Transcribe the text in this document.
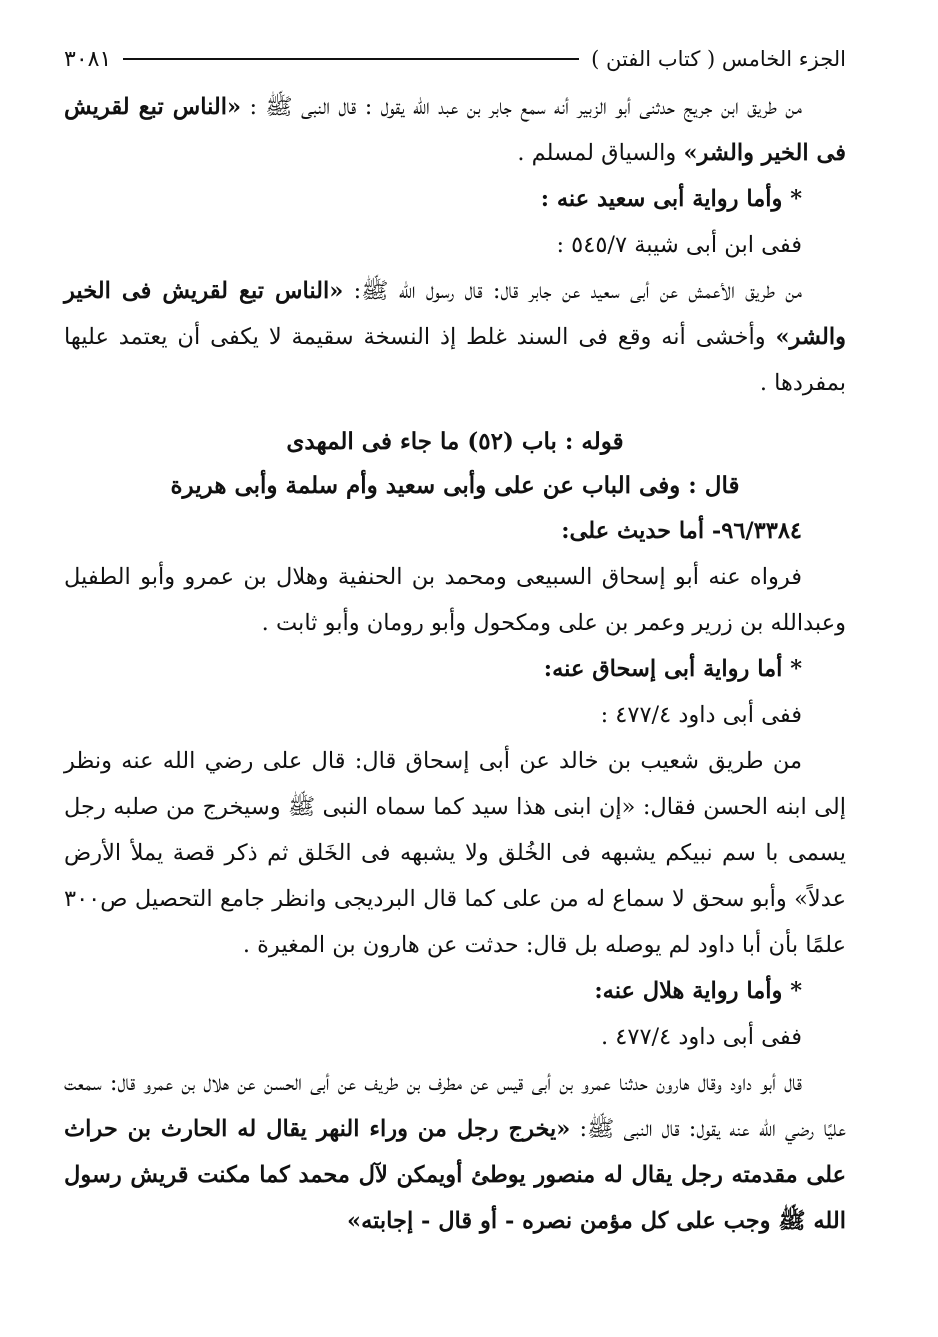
الجزء الخامس ( كتاب الفتن )
٣٠٨١

من طريق ابن جريج حدثنى أبو الزبير أنه سمع جابر بن عبد الله يقول : قال النبى ﷺ : «الناس تبع لقريش فى الخير والشر» والسياق لمسلم .

* وأما رواية أبى سعيد عنه :

ففى ابن أبى شيبة ٥٤٥/٧ :

من طريق الأعمش عن أبى سعيد عن جابر قال: قال رسول الله ﷺ: «الناس تبع لقريش فى الخير والشر» وأخشى أنه وقع فى السند غلط إذ النسخة سقيمة لا يكفى أن يعتمد عليها بمفردها .

قوله : باب (٥٢) ما جاء فى المهدى

قال : وفى الباب عن على وأبى سعيد وأم سلمة وأبى هريرة

٩٦/٣٣٨٤- أما حديث على:

فرواه عنه أبو إسحاق السبيعى ومحمد بن الحنفية وهلال بن عمرو وأبو الطفيل وعبدالله بن زرير وعمر بن على ومكحول وأبو رومان وأبو ثابت .

* أما رواية أبى إسحاق عنه:

ففى أبى داود ٤٧٧/٤ :

من طريق شعيب بن خالد عن أبى إسحاق قال: قال على رضي الله عنه ونظر إلى ابنه الحسن فقال: «إن ابنى هذا سيد كما سماه النبى ﷺ وسيخرج من صلبه رجل يسمى با سم نبيكم يشبهه فى الخُلق ولا يشبهه فى الخَلق ثم ذكر قصة يملأ الأرض عدلاً» وأبو سحق لا سماع له من على كما قال البرديجى وانظر جامع التحصيل ص٣٠٠ علمًا بأن أبا داود لم يوصله بل قال: حدثت عن هارون بن المغيرة .

* وأما رواية هلال عنه:

ففى أبى داود ٤٧٧/٤ .

قال أبو داود وقال هارون حدثنا عمرو بن أبى قيس عن مطرف بن طريف عن أبى الحسن عن هلال بن عمرو قال: سمعت عليًا رضي الله عنه يقول: قال النبى ﷺ: «يخرج رجل من وراء النهر يقال له الحارث بن حراث على مقدمته رجل يقال له منصور يوطئ أويمكن لآل محمد كما مكنت قريش رسول الله ﷺ وجب على كل مؤمن نصره - أو قال - إجابته»
